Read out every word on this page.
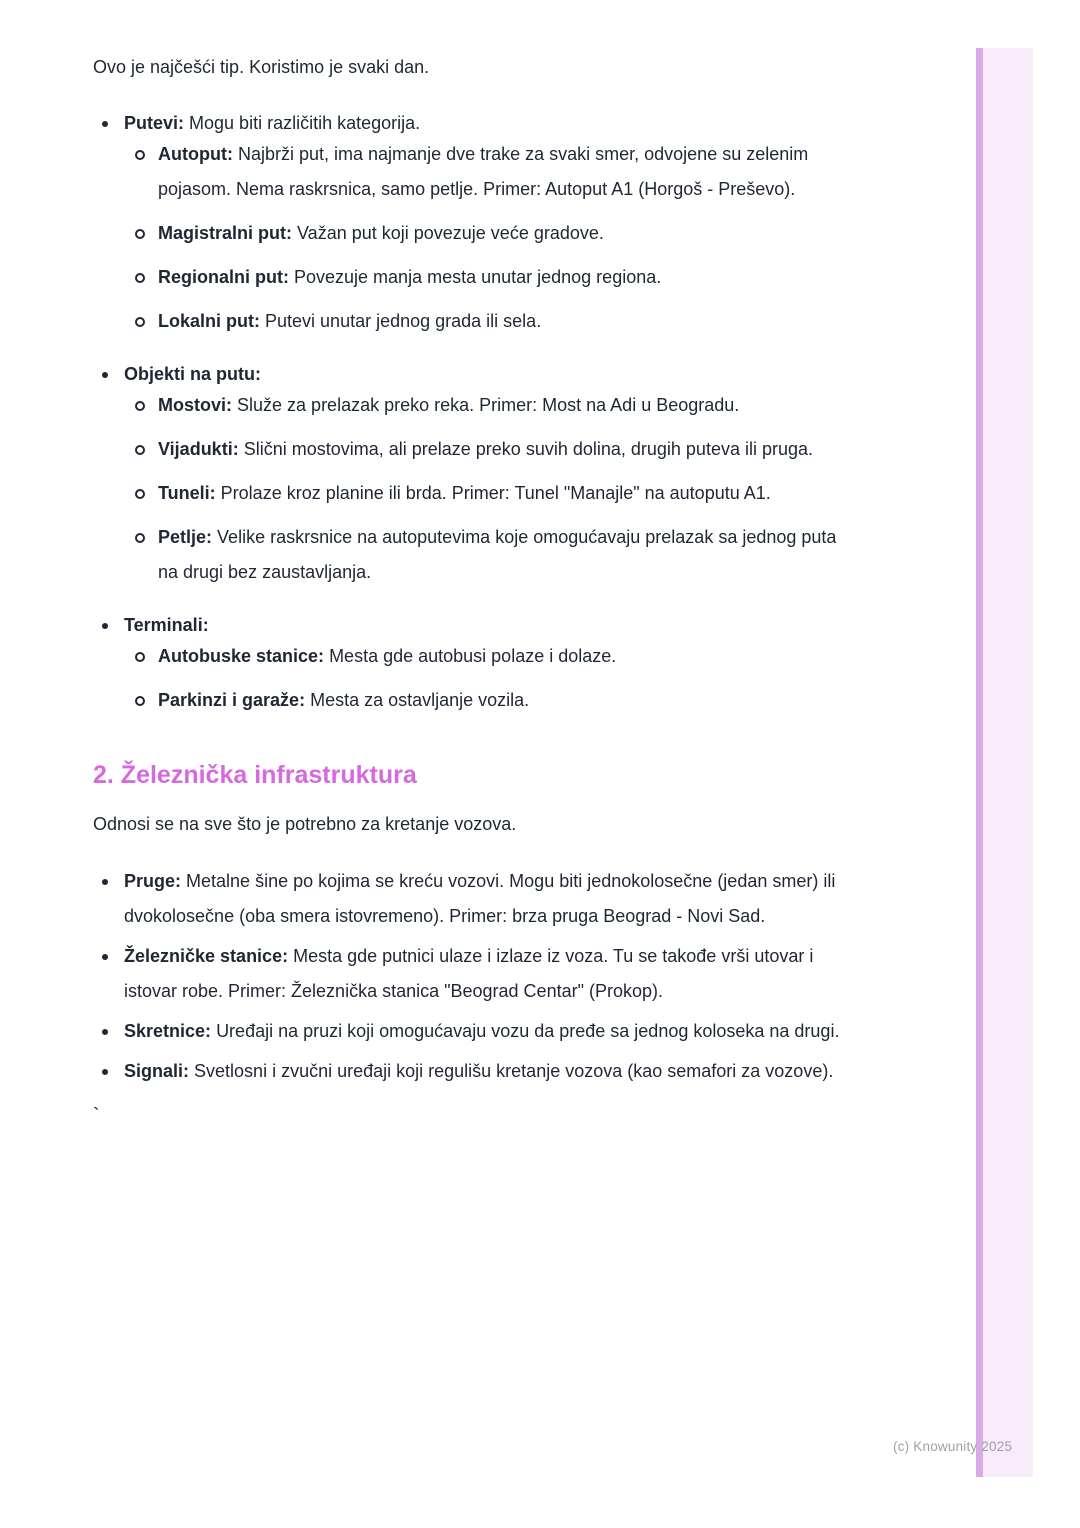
Ovo je najčešći tip. Koristimo je svaki dan.

Putevi: Mogu biti različitih kategorija.
Autoput: Najbrži put, ima najmanje dve trake za svaki smer, odvojene su zelenim pojasom. Nema raskrsnica, samo petlje. Primer: Autoput A1 (Horgoš - Preševo).
Magistralni put: Važan put koji povezuje veće gradove.
Regionalni put: Povezuje manja mesta unutar jednog regiona.
Lokalni put: Putevi unutar jednog grada ili sela.
Objekti na putu:
Mostovi: Služe za prelazak preko reka. Primer: Most na Adi u Beogradu.
Vijadukti: Slični mostovima, ali prelaze preko suvih dolina, drugih puteva ili pruga.
Tuneli: Prolaze kroz planine ili brda. Primer: Tunel "Manajle" na autoputu A1.
Petlje: Velike raskrsnice na autoputevima koje omogućavaju prelazak sa jednog puta na drugi bez zaustavljanja.
Terminali:
Autobuske stanice: Mesta gde autobusi polaze i dolaze.
Parkinzi i garaže: Mesta za ostavljanje vozila.
2. Železnička infrastruktura

Odnosi se na sve što je potrebno za kretanje vozova.

Pruge: Metalne šine po kojima se kreću vozovi. Mogu biti jednokolosečne (jedan smer) ili dvokolosečne (oba smera istovremeno). Primer: brza pruga Beograd - Novi Sad.
Železničke stanice: Mesta gde putnici ulaze i izlaze iz voza. Tu se takođe vrši utovar i istovar robe. Primer: Železnička stanica "Beograd Centar" (Prokop).
Skretnice: Uređaji na pruzi koji omogućavaju vozu da pređe sa jednog koloseka na drugi.
Signali: Svetlosni i zvučni uređaji koji regulišu kretanje vozova (kao semafori za vozove).
`
(c) Knowunity 2025
